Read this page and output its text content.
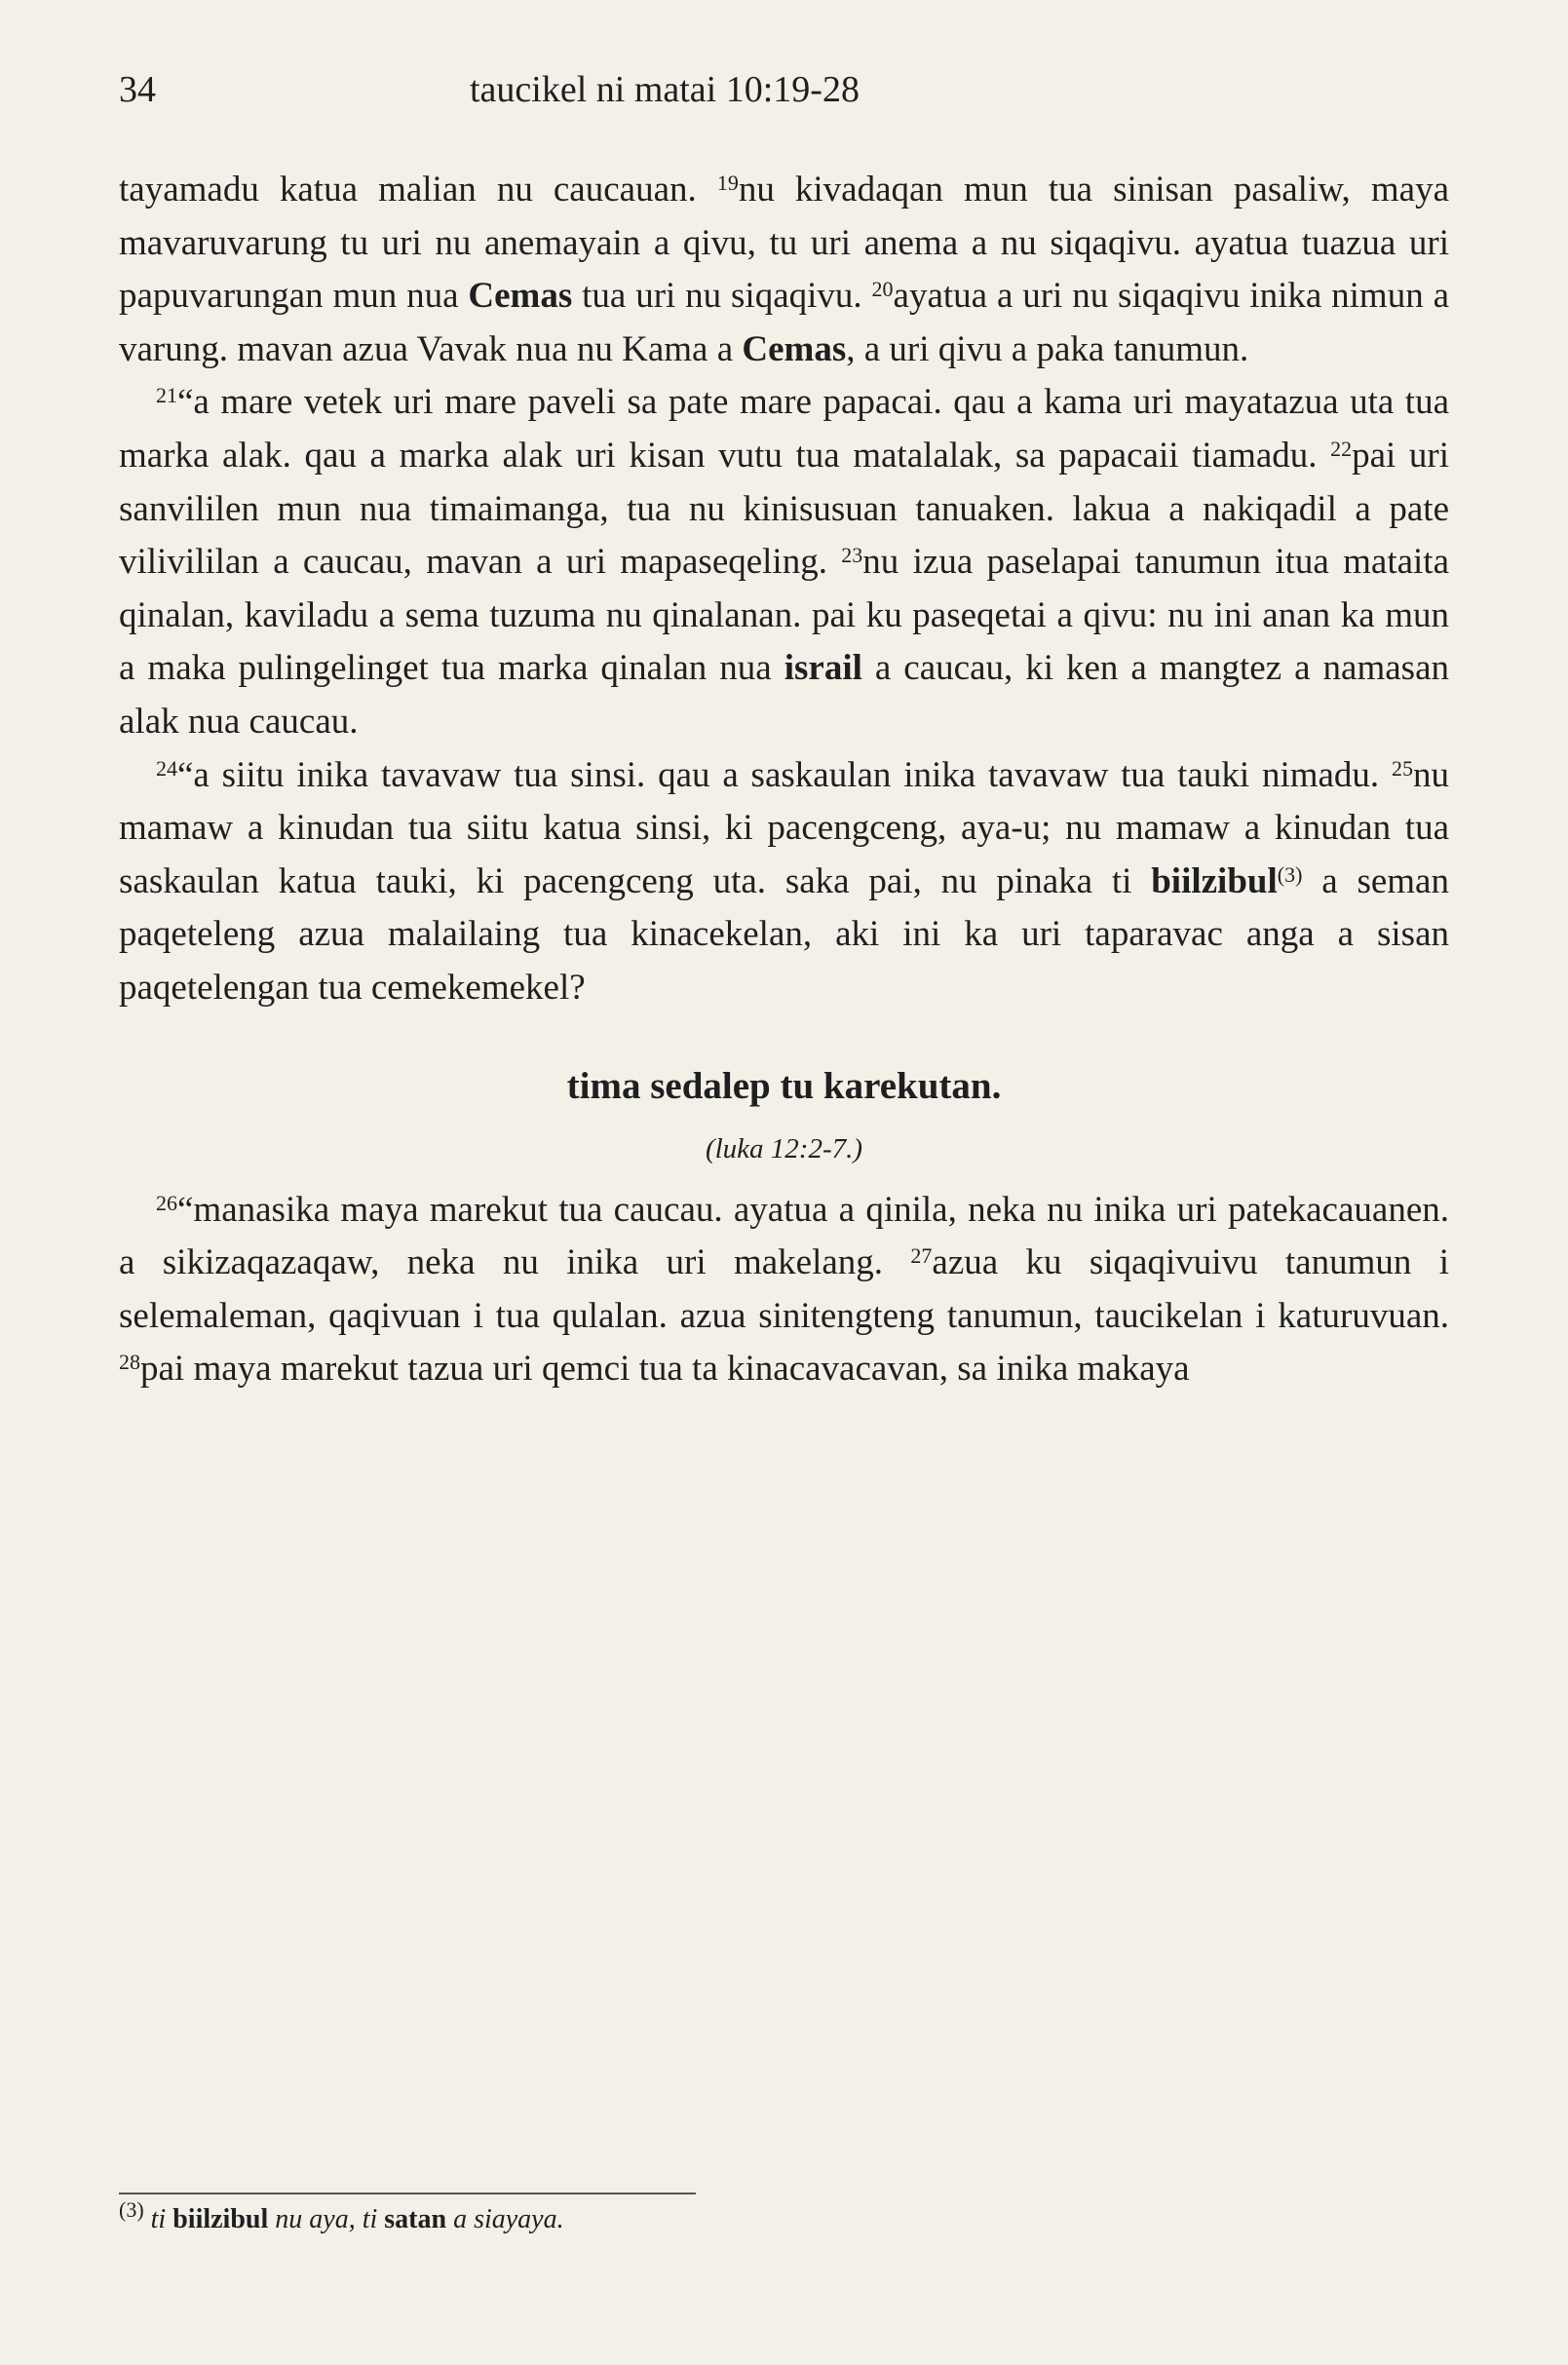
34	taucikel ni matai 10:19-28

tayamadu katua malian nu caucauan. $^{19}$nu kivadaqan mun tua sinisan pasaliw, maya mavaruvarung tu uri nu anemayain a qivu, tu uri anema a nu siqaqivu. ayatua tuazua uri papuvarungan mun nua Cemas tua uri nu siqaqivu. $^{20}$ayatua a uri nu siqaqivu inika nimun a varung. mavan azua Vavak nua nu Kama a Cemas, a uri qivu a paka tanumun.

$^{21}$“a mare vetek uri mare paveli sa pate mare papacai. qau a kama uri mayatazua uta tua marka alak. qau a marka alak uri kisan vutu tua matalalak, sa papacaii tiamadu. $^{22}$pai uri sanvililen mun nua timaimanga, tua nu kinisusuan tanuaken. lakua a nakiqadil a pate vilivililan a caucau, mavan a uri mapaseqeling. $^{23}$nu izua paselapai tanumun itua mataita qinalan, kaviladu a sema tuzuma nu qinalanan. pai ku paseqetai a qivu: nu ini anan ka mun a maka pulingelinget tua marka qinalan nua israil a caucau, ki ken a mangtez a namasan alak nua caucau.

$^{24}$“a siitu inika tavavaw tua sinsi. qau a saskaulan inika tavavaw tua tauki nimadu. $^{25}$nu mamaw a kinudan tua siitu katua sinsi, ki pacengceng, aya-u; nu mamaw a kinudan tua saskaulan katua tauki, ki pacengceng uta. saka pai, nu pinaka ti biilzibul$^{(3)}$ a seman paqeteleng azua malailaing tua kinacekelan, aki ini ka uri taparavac anga a sisan paqetelengan tua cemekemekel?

tima sedalep tu karekutan.
(luka 12:2-7.)

$^{26}$“manasika maya marekut tua caucau. ayatua a qinila, neka nu inika uri patekacauanen. a sikizaqazaqaw, neka nu inika uri makelang. $^{27}$azua ku siqaqivuivu tanumun i selemaleman, qaqivuan i tua qulalan. azua sinitengteng tanumun, taucikelan i katuruvuan. $^{28}$pai maya marekut tazua uri qemci tua ta kinacavacavan, sa inika makaya

$^{(3)}$ ti biilzibul nu aya, ti satan a siayaya.
